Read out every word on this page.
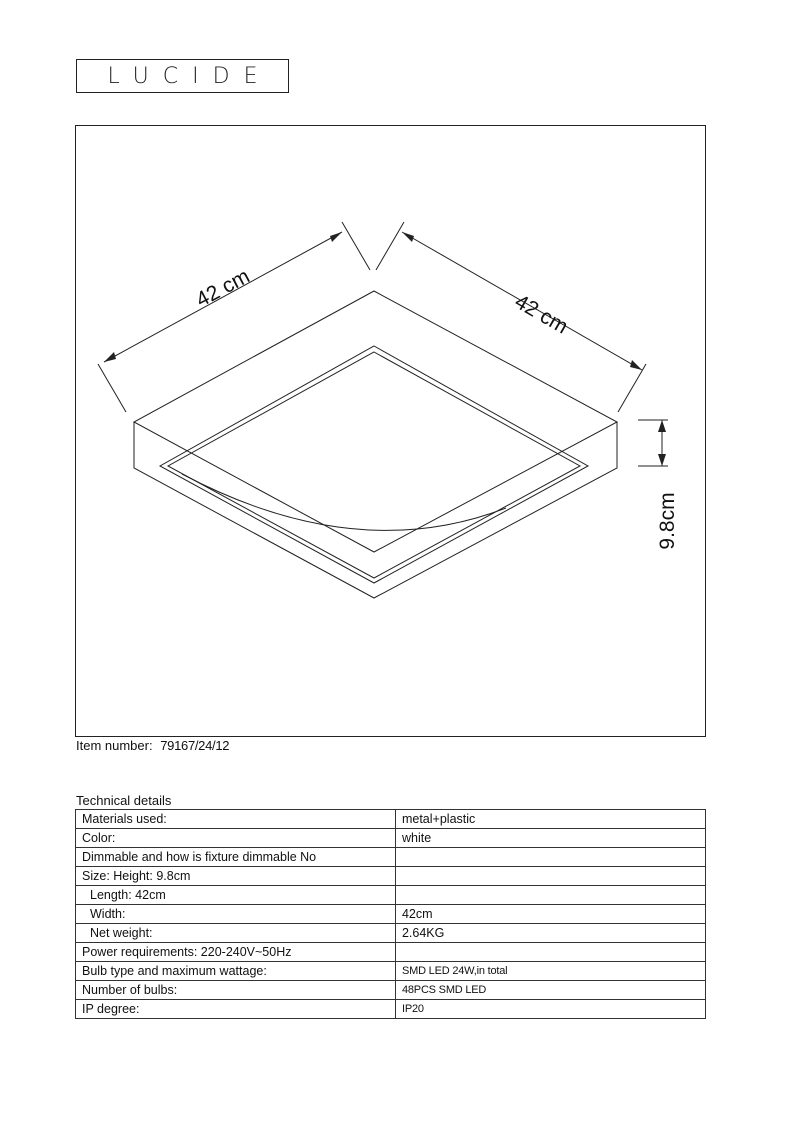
LUCIDE
42 cm
42 cm
9.8cm
Item number: 79167/24/12
Technical details
Materials used:	metal+plastic
Color:	white
Dimmable and how is fixture dimmable No	
Size: Height: 9.8cm	
Length: 42cm	
Width:	42cm
Net weight:	2.64KG
Power requirements: 220-240V~50Hz	
Bulb type and maximum wattage:	SMD LED 24W,in total
Number of bulbs:	48PCS SMD LED
IP degree:	IP20
